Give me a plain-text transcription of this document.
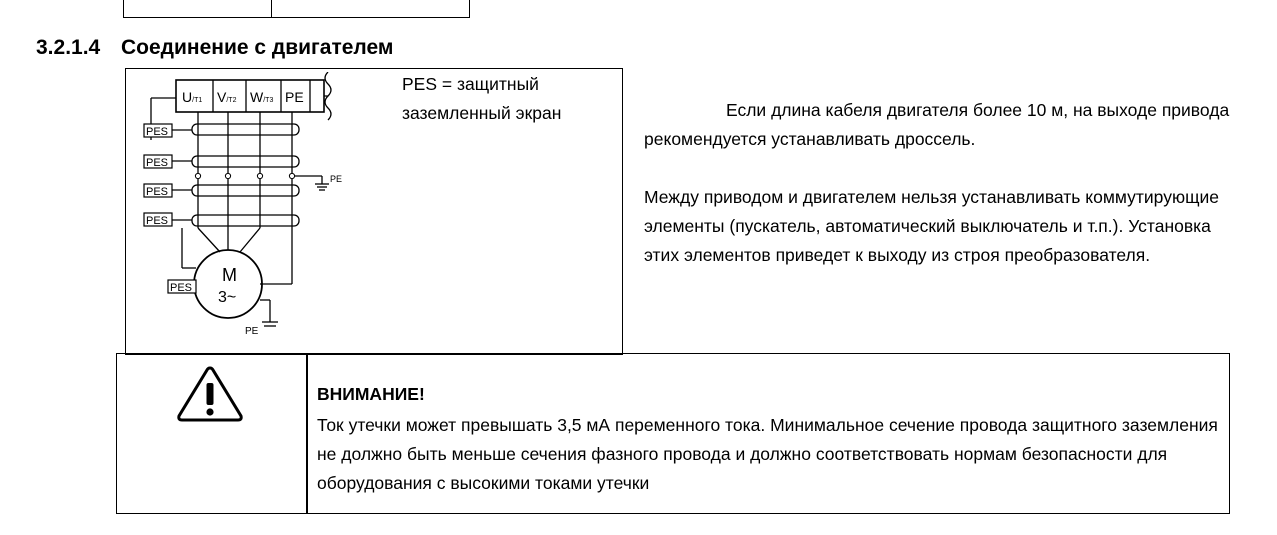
3.2.1.4 Соединение с двигателем
U/T1 V/T2 W/T3 PE
PES
PES
PES
PES
PES
M
3~
PE
PE
PES = защитный
заземленный экран	Если длина кабеля двигателя более 10 м, на выходе привода рекомендуется устанавливать дроссель.

Между приводом и двигателем нельзя устанавливать коммутирующие элементы (пускатель, автоматический выключатель и т.п.). Установка этих элементов приведет к выходу из строя преобразователя.

ВНИМАНИЕ!
Ток утечки может превышать 3,5 мА переменного тока. Минимальное сечение провода защитного заземления не должно быть меньше сечения фазного провода и должно соответствовать нормам безопасности для оборудования с высокими токами утечки
